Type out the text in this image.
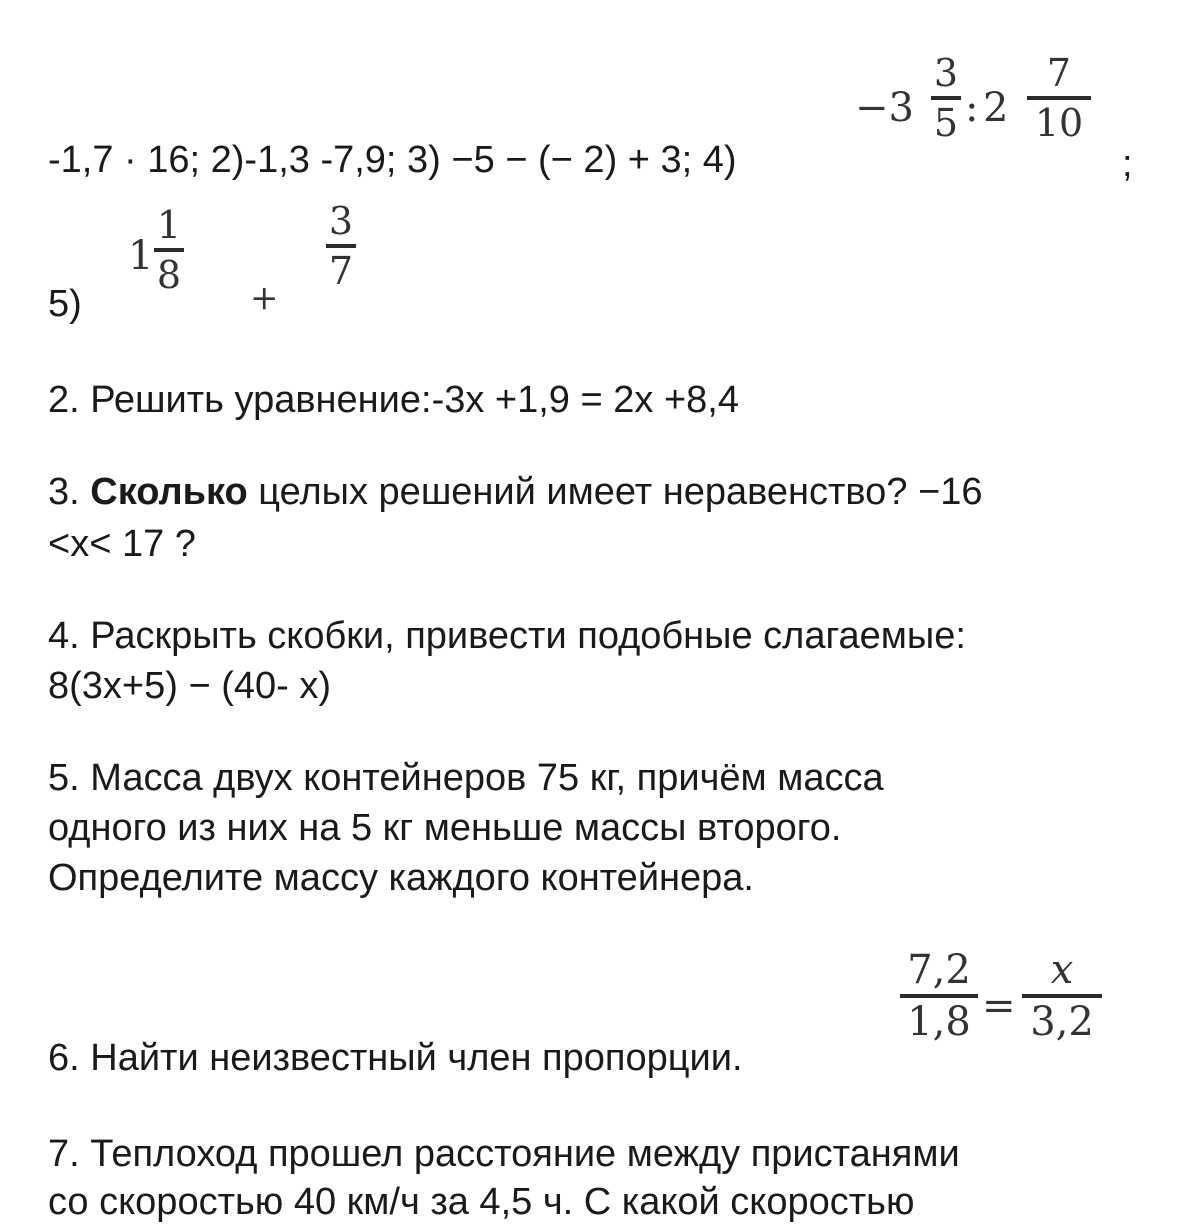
-1,7 · 16; 2)-1,3 -7,9; 3) −5 − (− 2) + 3; 4)
−3
3
5 : 2
7
10
;
5)
1
1
8
+
3
7
2. Решить уравнение:-3х +1,9 = 2х +8,4
3. Сколько целых решений имеет неравенство? −16
<х< 17 ?
4. Раскрыть скобки, привести подобные слагаемые:
8(3х+5) − (40- х)
5. Масса двух контейнеров 75 кг, причём масса
одного из них на 5 кг меньше массы второго.
Определите массу каждого контейнера.
6. Найти неизвестный член пропорции.
7,2
1,8 =
x
3,2
7. Теплоход прошел расстояние между пристанями
со скоростью 40 км/ч за 4,5 ч. С какой скоростью
